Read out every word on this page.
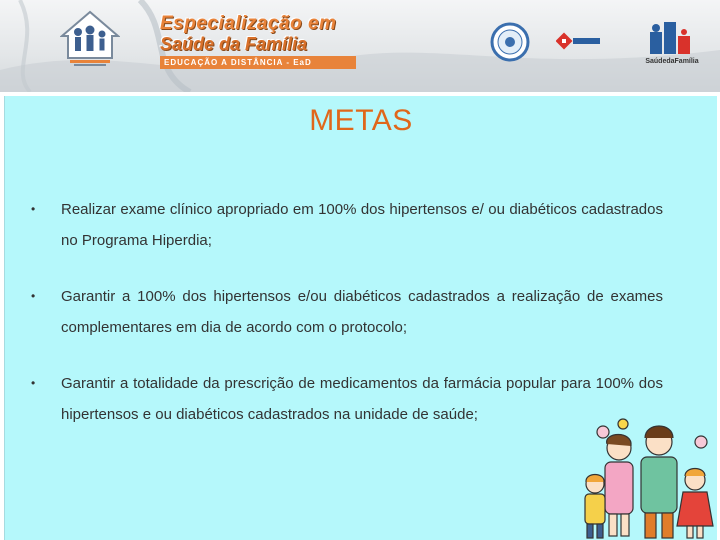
Especialização em
Saúde da Família
EDUCAÇÃO A DISTÂNCIA - EaD	SaúdedaFamília
METAS
• Realizar exame clínico apropriado em 100% dos hipertensos e/ ou diabéticos cadastrados no Programa Hiperdia;
• Garantir a 100% dos hipertensos e/ou diabéticos cadastrados a realização de exames complementares em dia de acordo com o protocolo;
• Garantir a totalidade da prescrição de medicamentos da farmácia popular para 100% dos hipertensos e ou diabéticos cadastrados na unidade de saúde;
